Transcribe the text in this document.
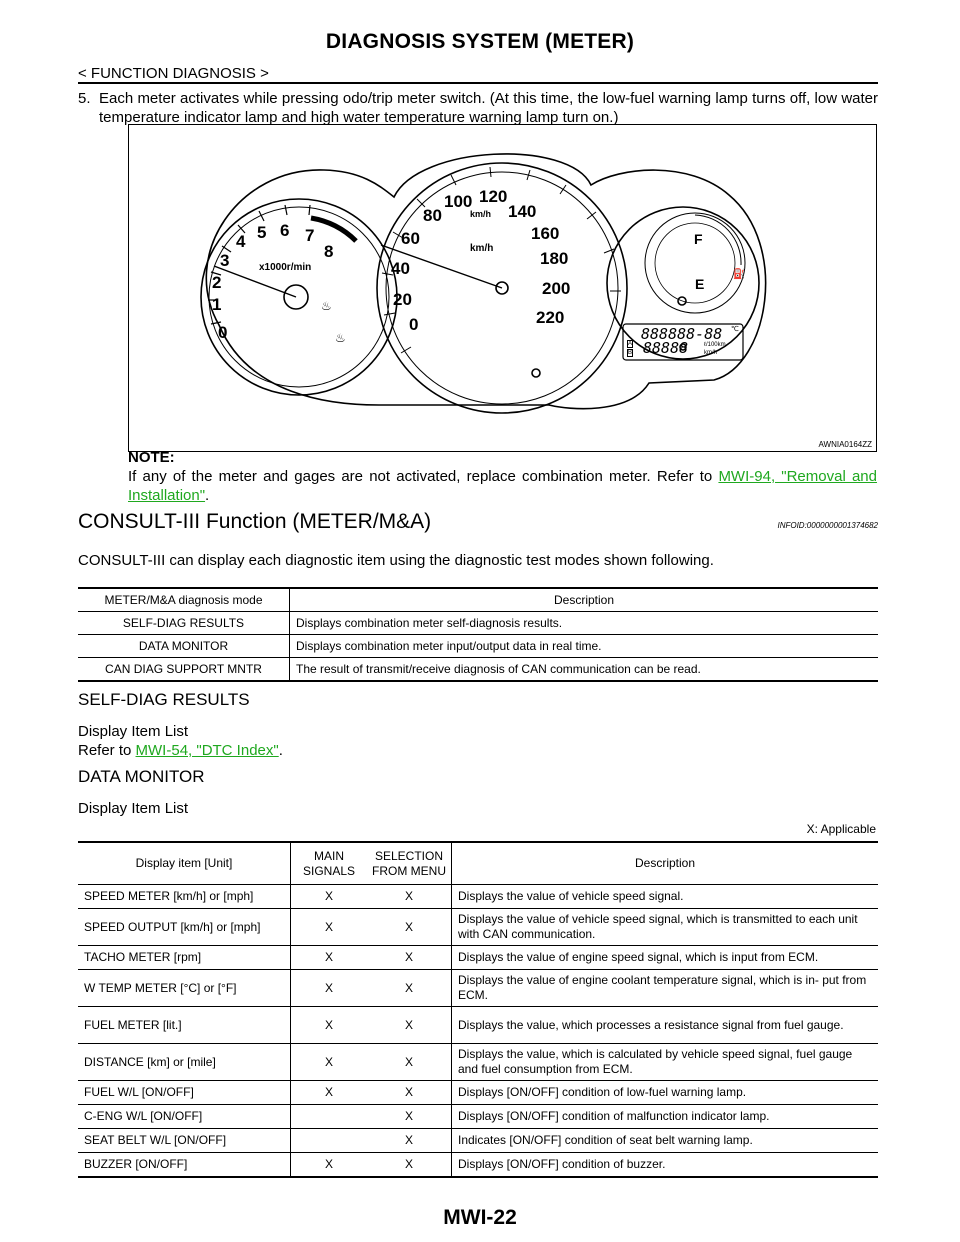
DIAGNOSIS SYSTEM (METER)
< FUNCTION DIAGNOSIS >
5. Each meter activates while pressing odo/trip meter switch. (At this time, the low-fuel warning lamp turns off, low water temperature indicator lamp and high water temperature warning lamp turn on.)
0
1
2
3
4 5 6 7
8
x1000r/min
0
20
40
60
80
100 120
140
160
180
200
220
km/h
km/h
F
E
⛽
888888-88 ℃
A
B 88888	ℓ/100km
km/h
♨
♨
AWNIA0164ZZ
NOTE:
If any of the meter and gages are not activated, replace combination meter. Refer to MWI-94, "Removal and Installation".
CONSULT-III Function (METER/M&A)	INFOID:0000000001374682
CONSULT-III can display each diagnostic item using the diagnostic test modes shown following.
METER/M&A diagnosis mode	Description
SELF-DIAG RESULTS	Displays combination meter self-diagnosis results.
DATA MONITOR	Displays combination meter input/output data in real time.
CAN DIAG SUPPORT MNTR	The result of transmit/receive diagnosis of CAN communication can be read.
SELF-DIAG RESULTS
Display Item List
Refer to MWI-54, "DTC Index".
DATA MONITOR
Display Item List
X: Applicable
Display item [Unit]	MAIN SIGNALS	SELECTION FROM MENU	Description
SPEED METER [km/h] or [mph]	X	X	Displays the value of vehicle speed signal.
SPEED OUTPUT [km/h] or [mph]	X	X	Displays the value of vehicle speed signal, which is transmitted to each unit with CAN communication.
TACHO METER [rpm]	X	X	Displays the value of engine speed signal, which is input from ECM.
W TEMP METER [°C] or [°F]	X	X	Displays the value of engine coolant temperature signal, which is in- put from ECM.
FUEL METER [lit.]	X	X	Displays the value, which processes a resistance signal from fuel gauge.
DISTANCE [km] or [mile]	X	X	Displays the value, which is calculated by vehicle speed signal, fuel gauge and fuel consumption from ECM.
FUEL W/L [ON/OFF]	X	X	Displays [ON/OFF] condition of low-fuel warning lamp.
C-ENG W/L [ON/OFF]		X	Displays [ON/OFF] condition of malfunction indicator lamp.
SEAT BELT W/L [ON/OFF]		X	Indicates [ON/OFF] condition of seat belt warning lamp.
BUZZER [ON/OFF]	X	X	Displays [ON/OFF] condition of buzzer.
MWI-22
